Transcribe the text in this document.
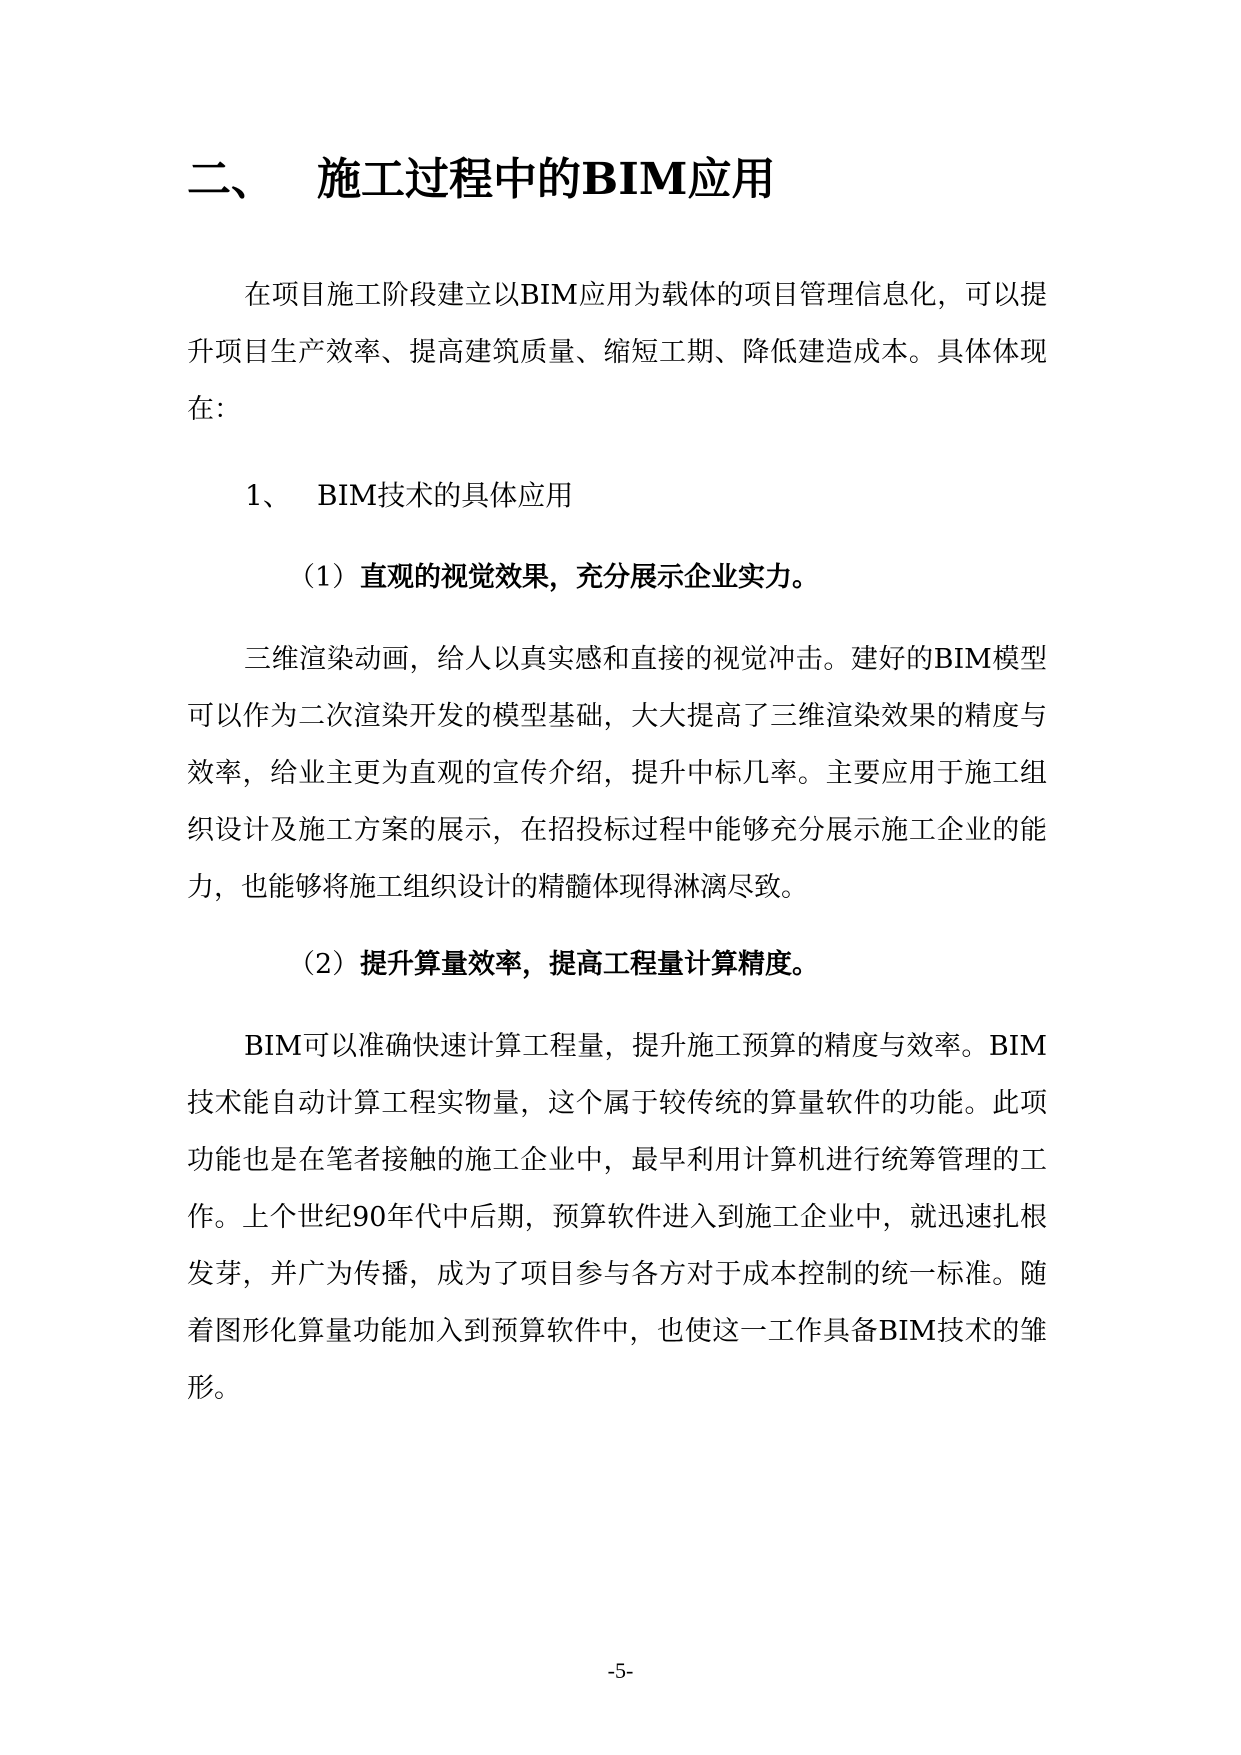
二、 施工过程中的BIM应用

在项目施工阶段建立以BIM应用为载体的项目管理信息化，可以提升项目生产效率、提高建筑质量、缩短工期、降低建造成本。具体体现在：

1、 BIM技术的具体应用
（1）直观的视觉效果，充分展示企业实力。

三维渲染动画，给人以真实感和直接的视觉冲击。建好的BIM模型可以作为二次渲染开发的模型基础，大大提高了三维渲染效果的精度与效率，给业主更为直观的宣传介绍，提升中标几率。主要应用于施工组织设计及施工方案的展示，在招投标过程中能够充分展示施工企业的能力，也能够将施工组织设计的精髓体现得淋漓尽致。

（2）提升算量效率，提高工程量计算精度。

BIM可以准确快速计算工程量，提升施工预算的精度与效率。BIM技术能自动计算工程实物量，这个属于较传统的算量软件的功能。此项功能也是在笔者接触的施工企业中，最早利用计算机进行统筹管理的工作。上个世纪90年代中后期，预算软件进入到施工企业中，就迅速扎根发芽，并广为传播，成为了项目参与各方对于成本控制的统一标准。随着图形化算量功能加入到预算软件中，也使这一工作具备BIM技术的雏形。

-5-
